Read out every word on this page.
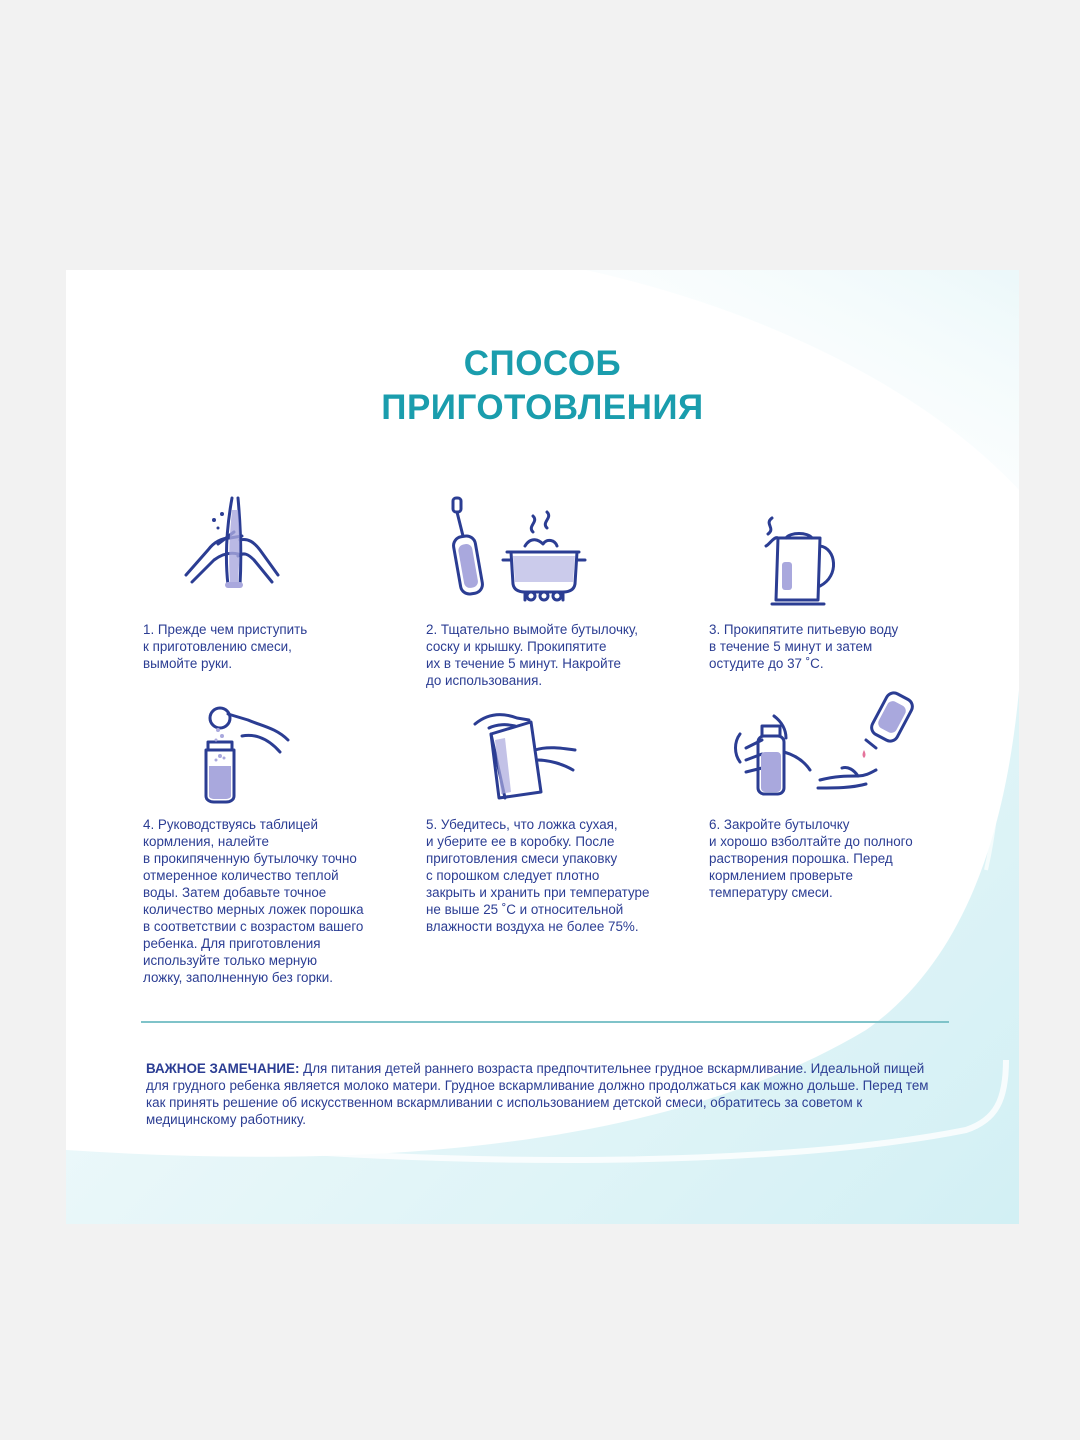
СПОСОБ
ПРИГОТОВЛЕНИЯ
1. Прежде чем приступить
к приготовлению смеси,
вымойте руки.
2. Тщательно вымойте бутылочку,
соску и крышку. Прокипятите
их в течение 5 минут. Накройте
до использования.
3. Прокипятите питьевую воду
в течение 5 минут и затем
остудите до 37 ˚С.
4. Руководствуясь таблицей
кормления, налейте
в прокипяченную бутылочку точно
отмеренное количество теплой
воды. Затем добавьте точное
количество мерных ложек порошка
в соответствии с возрастом вашего
ребенка. Для приготовления
используйте только мерную
ложку, заполненную без горки.
5. Убедитесь, что ложка сухая,
и уберите ее в коробку. После
приготовления смеси упаковку
с порошком следует плотно
закрыть и хранить при температуре
не выше 25 ˚С и относительной
влажности воздуха не более 75%.
6. Закройте бутылочку
и хорошо взболтайте до полного
растворения порошка. Перед
кормлением проверьте
температуру смеси.
ВАЖНОЕ ЗАМЕЧАНИЕ: Для питания детей раннего возраста предпочтительнее грудное вскармливание. Идеальной пищей для грудного ребенка является молоко матери. Грудное вскармливание должно продолжаться как можно дольше. Перед тем как принять решение об искусственном вскармливании с использованием детской смеси, обратитесь за советом к медицинскому работнику.
